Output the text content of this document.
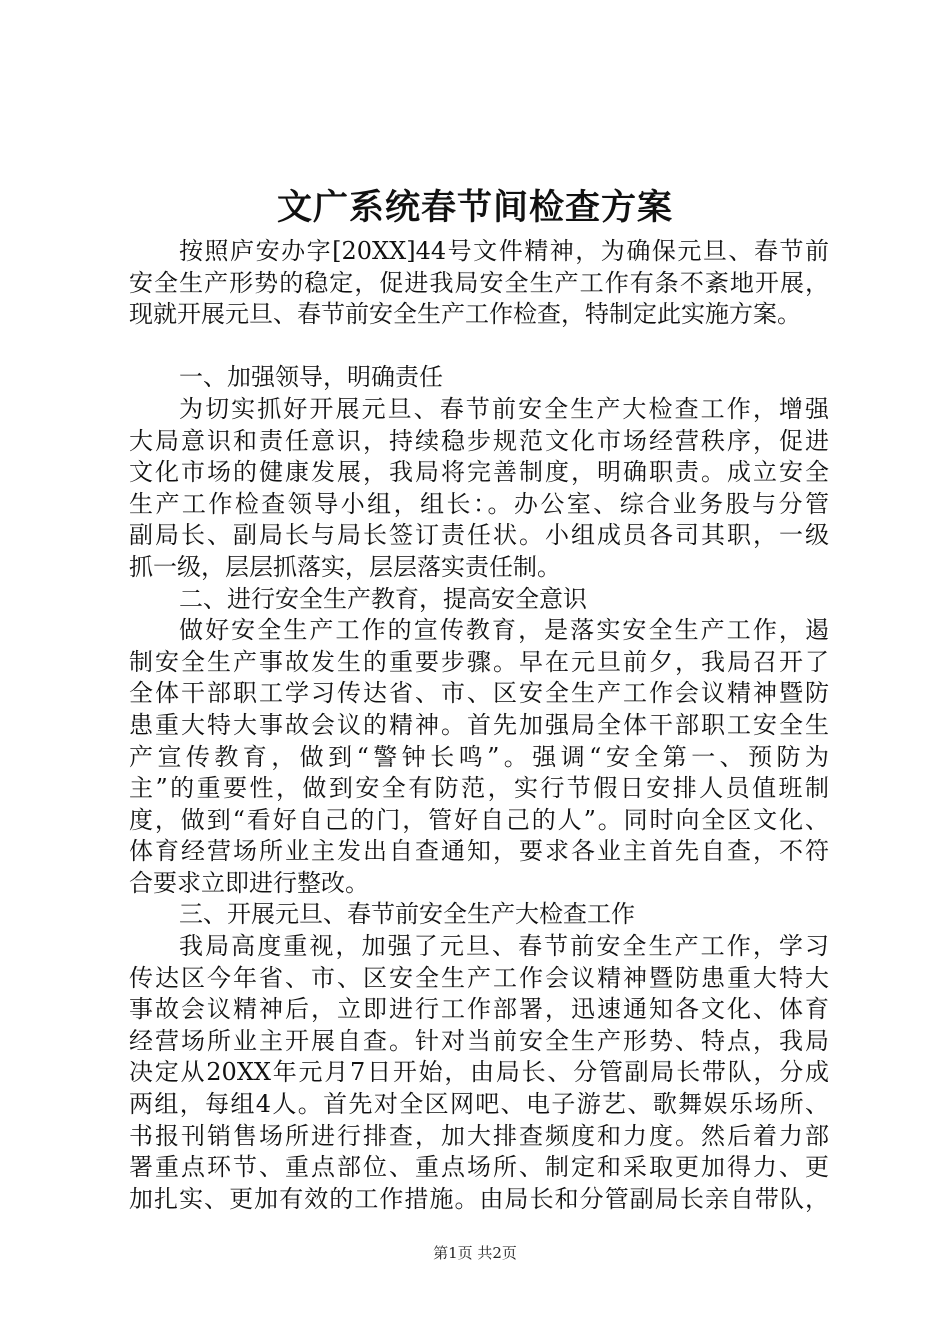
文广系统春节间检查方案
按照庐安办字[20XX]44号文件精神，为确保元旦、春节前
安全生产形势的稳定，促进我局安全生产工作有条不紊地开展，
现就开展元旦、春节前安全生产工作检查，特制定此实施方案。
一、加强领导，明确责任
为切实抓好开展元旦、春节前安全生产大检查工作，增强
大局意识和责任意识，持续稳步规范文化市场经营秩序，促进
文化市场的健康发展，我局将完善制度，明确职责。成立安全
生产工作检查领导小组，组长：。办公室、综合业务股与分管
副局长、副局长与局长签订责任状。小组成员各司其职，一级
抓一级，层层抓落实，层层落实责任制。
二、进行安全生产教育，提高安全意识
做好安全生产工作的宣传教育，是落实安全生产工作，遏
制安全生产事故发生的重要步骤。早在元旦前夕，我局召开了
全体干部职工学习传达省、市、区安全生产工作会议精神暨防
患重大特大事故会议的精神。首先加强局全体干部职工安全生
产宣传教育，做到“警钟长鸣”。强调“安全第一、预防为
主”的重要性，做到安全有防范，实行节假日安排人员值班制
度，做到“看好自己的门，管好自己的人”。同时向全区文化、
体育经营场所业主发出自查通知，要求各业主首先自查，不符
合要求立即进行整改。
三、开展元旦、春节前安全生产大检查工作
我局高度重视，加强了元旦、春节前安全生产工作，学习
传达区今年省、市、区安全生产工作会议精神暨防患重大特大
事故会议精神后，立即进行工作部署，迅速通知各文化、体育
经营场所业主开展自查。针对当前安全生产形势、特点，我局
决定从20XX年元月7日开始，由局长、分管副局长带队，分成
两组，每组4人。首先对全区网吧、电子游艺、歌舞娱乐场所、
书报刊销售场所进行排查，加大排查频度和力度。然后着力部
署重点环节、重点部位、重点场所、制定和采取更加得力、更
加扎实、更加有效的工作措施。由局长和分管副局长亲自带队，
第1页 共2页
